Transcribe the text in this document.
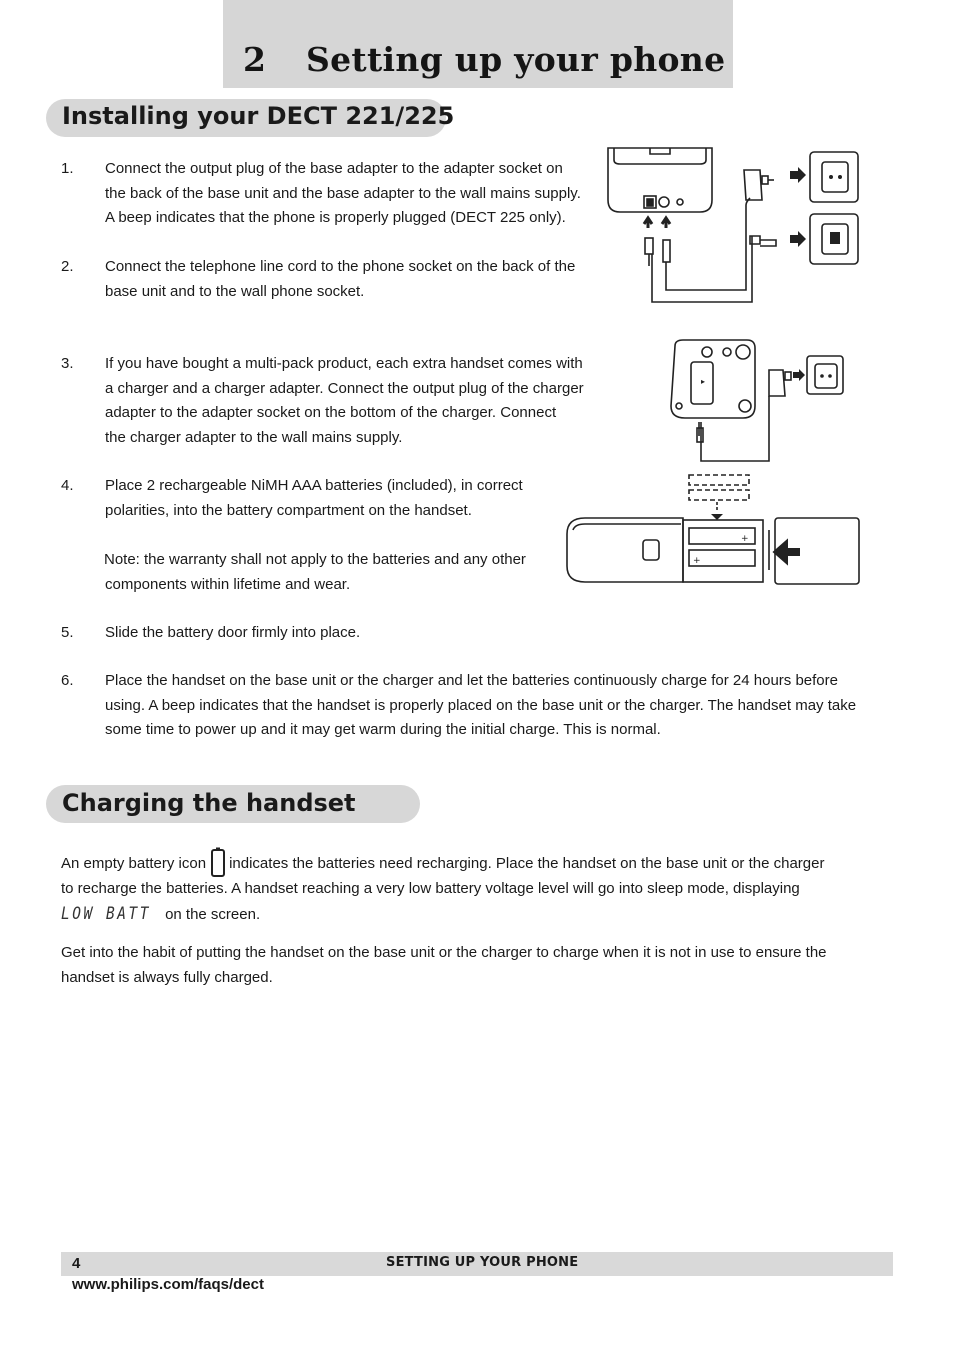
2 Setting up your phone
Installing your DECT 221/225
1. Connect the output plug of the base adapter to the adapter socket on
the back of the base unit and the base adapter to the wall mains supply.
A beep indicates that the phone is properly plugged (DECT 225 only).
2. Connect the telephone line cord to the phone socket on the back of the
base unit and to the wall phone socket.
3. If you have bought a multi-pack product, each extra handset comes with
a charger and a charger adapter. Connect the output plug of the charger
adapter to the adapter socket on the bottom of the charger. Connect
the charger adapter to the wall mains supply.
4. Place 2 rechargeable NiMH AAA batteries (included), in correct
polarities, into the battery compartment on the handset.
Note: the warranty shall not apply to the batteries and any other
components within lifetime and wear.
5. Slide the battery door firmly into place.
6. Place the handset on the base unit or the charger and let the batteries continuously charge for 24 hours before
using. A beep indicates that the handset is properly placed on the base unit or the charger. The handset may take
some time to power up and it may get warm during the initial charge. This is normal.
Charging the handset
An empty battery icon indicates the batteries need recharging. Place the handset on the base unit or the charger
to recharge the batteries. A handset reaching a very low battery voltage level will go into sleep mode, displaying
LOW BATT on the screen.
Get into the habit of putting the handset on the base unit or the charger to charge when it is not in use to ensure the
handset is always fully charged.
▸
+
+
4	SETTING UP YOUR PHONE
www.philips.com/faqs/dect
